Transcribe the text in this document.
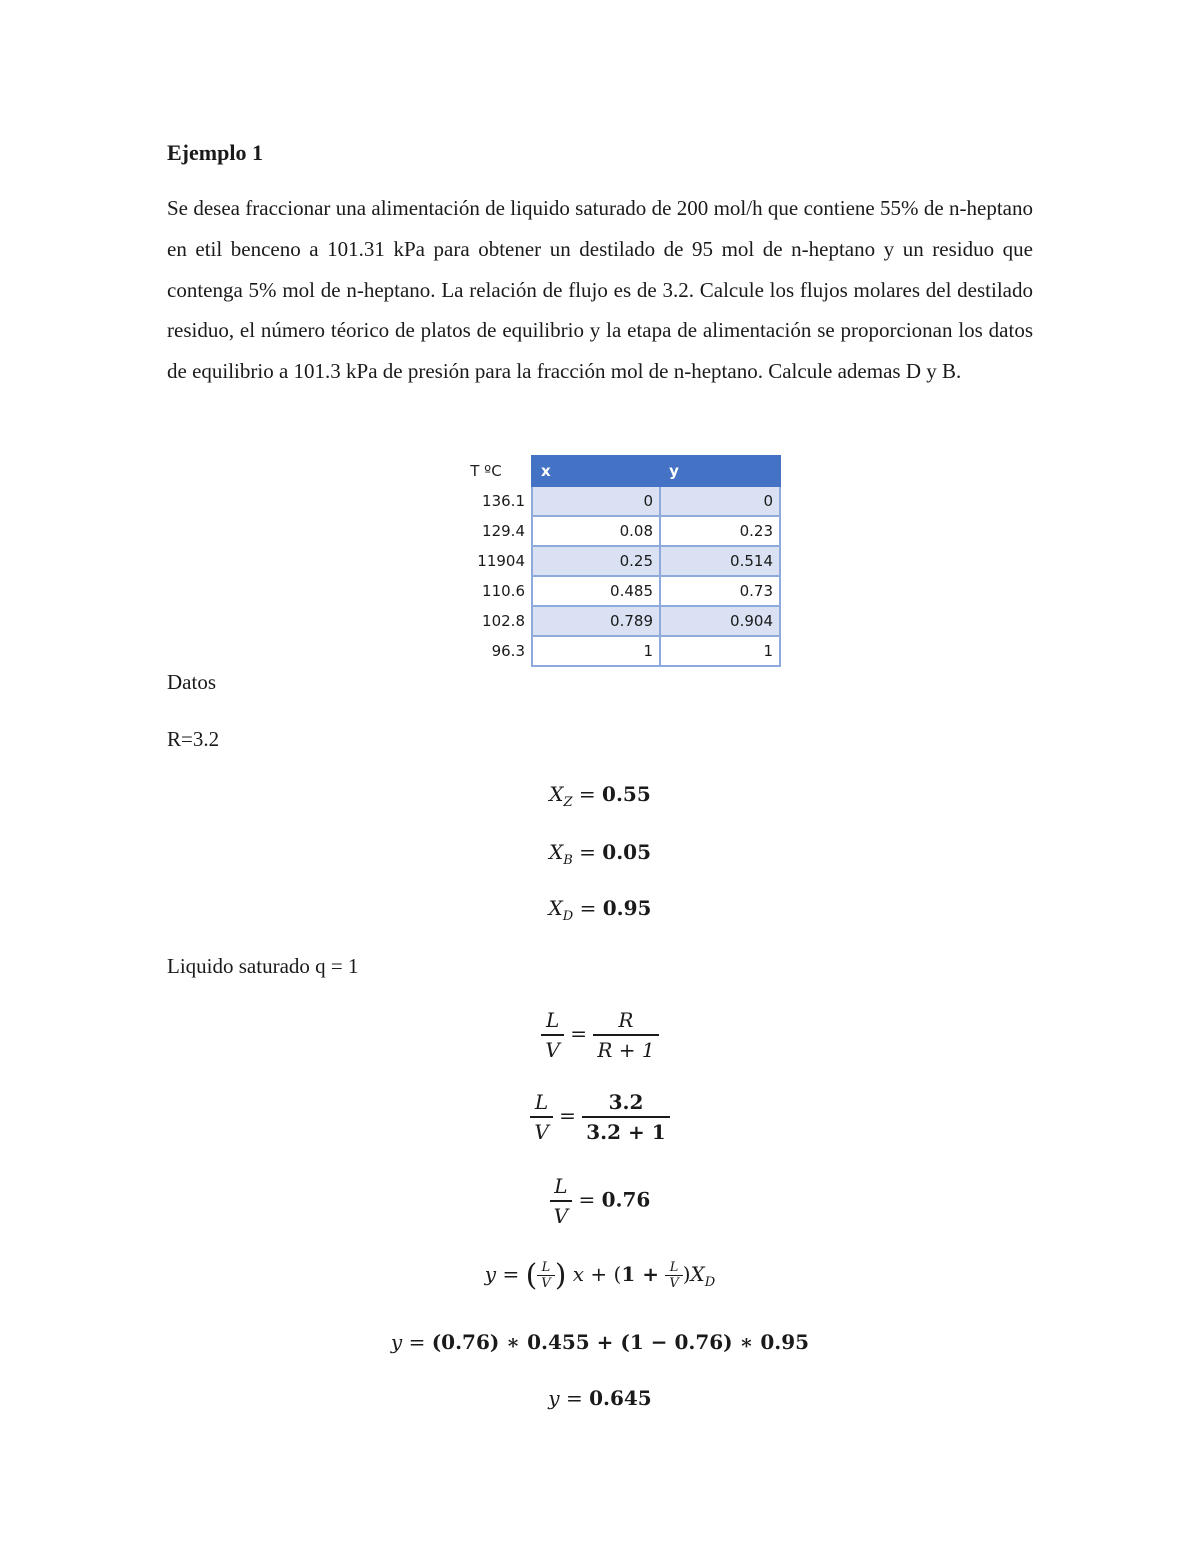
Ejemplo 1
Se desea fraccionar una alimentación de liquido saturado de 200 mol/h que contiene 55% de n-heptano en etil benceno a 101.31 kPa para obtener un destilado de 95 mol de n-heptano y un residuo que contenga 5% mol de n-heptano. La relación de flujo es de 3.2. Calcule los flujos molares del destilado residuo, el número téorico de platos de equilibrio y la etapa de alimentación se proporcionan los datos de equilibrio a 101.3 kPa de presión para la fracción mol de n-heptano. Calcule ademas D y B.
T ºC	x	y
136.1	0	0
129.4	0.08	0.23
11904	0.25	0.514
110.6	0.485	0.73
102.8	0.789	0.904
96.3	1	1
Datos
R=3.2
$X_Z = 0.55$
$X_B = 0.05$
$X_D = 0.95$
Liquido saturado q = 1
$\frac{L}{V} = \frac{R}{R + 1}$
$\frac{L}{V} = \frac{3.2}{3.2 + 1}$
$\frac{L}{V} = 0.76$
y = ( $\frac{L}{V}$ ) $x + (1 + \frac{L}{V} )X_D$
y = (0.76) ∗ 0.455 + (1 − 0.76) ∗ 0.95
y = 0.645
